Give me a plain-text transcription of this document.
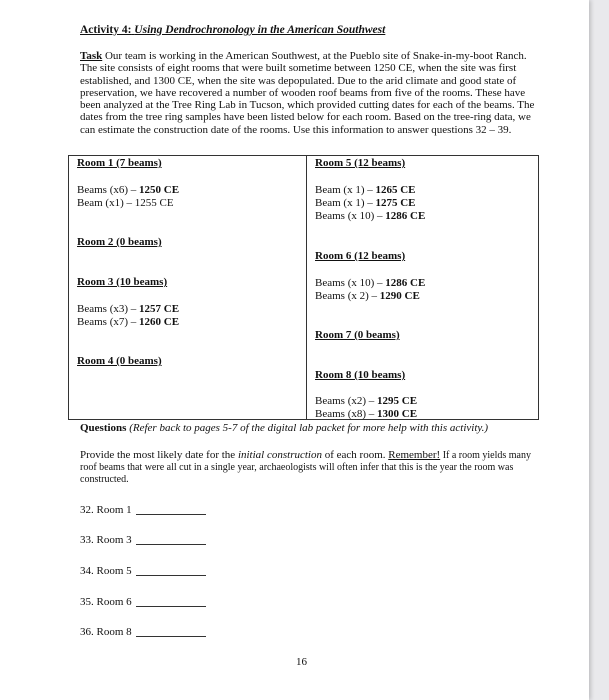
Activity 4: Using Dendrochronology in the American Southwest
Task Our team is working in the American Southwest, at the Pueblo site of Snake-in-my-boot Ranch. The site consists of eight rooms that were built sometime between 1250 CE, when the site was first established, and 1300 CE, when the site was depopulated. Due to the arid climate and good state of preservation, we have recovered a number of wooden roof beams from five of the rooms. These have been analyzed at the Tree Ring Lab in Tucson, which provided cutting dates for each of the beams. The dates from the tree ring samples have been listed below for each room. Based on the tree-ring data, we can estimate the construction date of the rooms. Use this information to answer questions 32 – 39.
Room 1 (7 beams)
Beams (x6) – 1250 CE
Beam (x1) – 1255 CE
Room 2 (0 beams)
Room 3 (10 beams)
Beams (x3) – 1257 CE
Beams (x7) – 1260 CE
Room 4 (0 beams)
Room 5 (12 beams)
Beam (x 1) – 1265 CE
Beam (x 1) – 1275 CE
Beams (x 10) – 1286 CE
Room 6 (12 beams)
Beams (x 10) – 1286 CE
Beams (x 2) – 1290 CE
Room 7 (0 beams)
Room 8 (10 beams)
Beams (x2) – 1295 CE
Beams (x8) – 1300 CE
Questions (Refer back to pages 5-7 of the digital lab packet for more help with this activity.)
Provide the most likely date for the initial construction of each room. Remember! If a room yields many roof beams that were all cut in a single year, archaeologists will often infer that this is the year the room was constructed.
32. Room 1
33. Room 3
34. Room 5
35. Room 6
36. Room 8
16
